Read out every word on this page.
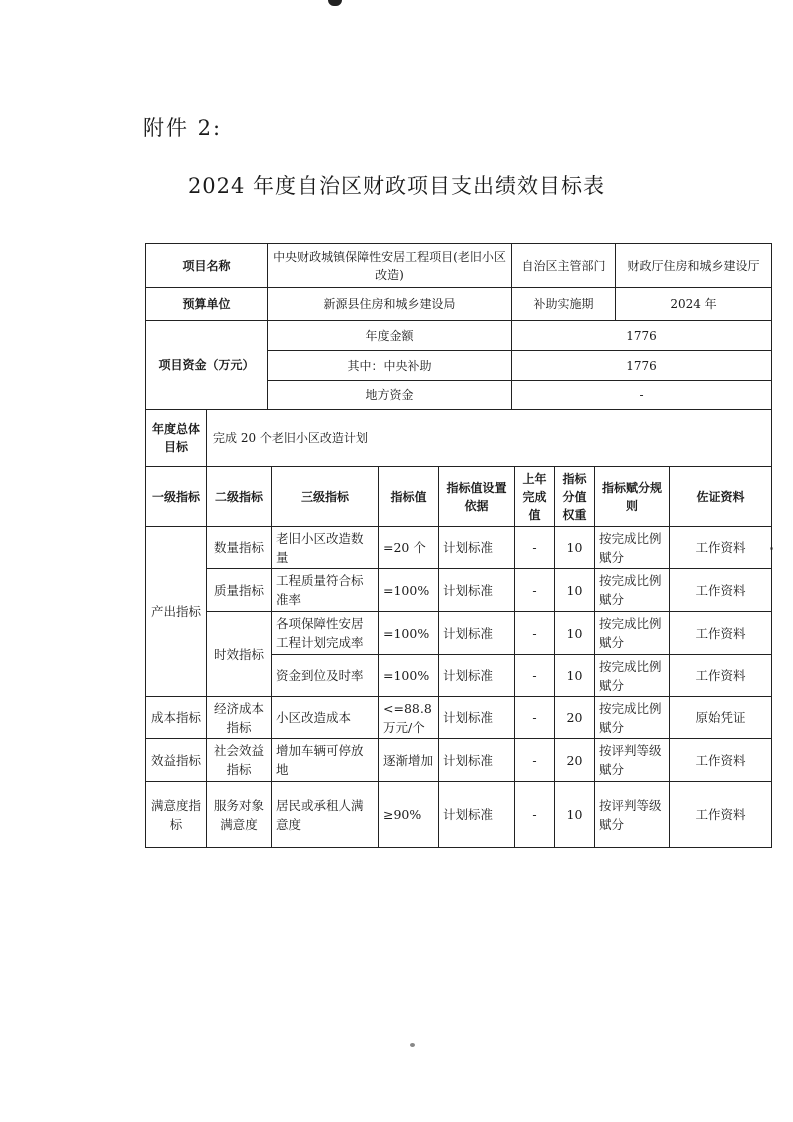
附件 2:
2024 年度自治区财政项目支出绩效目标表
项目名称	中央财政城镇保障性安居工程项目(老旧小区改造)	自治区主管部门	财政厅住房和城乡建设厅
预算单位	新源县住房和城乡建设局	补助实施期	2024 年
项目资金（万元）	年度金额	1776	
	其中：中央补助	1776	
	地方资金	-	
年度总体目标	完成 20 个老旧小区改造计划
一级指标	二级指标	三级指标	指标值	指标值设置依据	上年完成值	指标分值权重	指标赋分规则	佐证资料
产出指标	数量指标	老旧小区改造数量	=20 个	计划标准	-	10	按完成比例赋分	工作资料
	质量指标	工程质量符合标准率	=100%	计划标准	-	10	按完成比例赋分	工作资料
	时效指标	各项保障性安居工程计划完成率	=100%	计划标准	-	10	按完成比例赋分	工作资料
		资金到位及时率	=100%	计划标准	-	10	按完成比例赋分	工作资料
成本指标	经济成本指标	小区改造成本	<=88.8 万元/个	计划标准	-	20	按完成比例赋分	原始凭证
效益指标	社会效益指标	增加车辆可停放地	逐渐增加	计划标准	-	20	按评判等级赋分	工作资料
满意度指标	服务对象满意度	居民或承租人满意度	≥90%	计划标准	-	10	按评判等级赋分	工作资料
